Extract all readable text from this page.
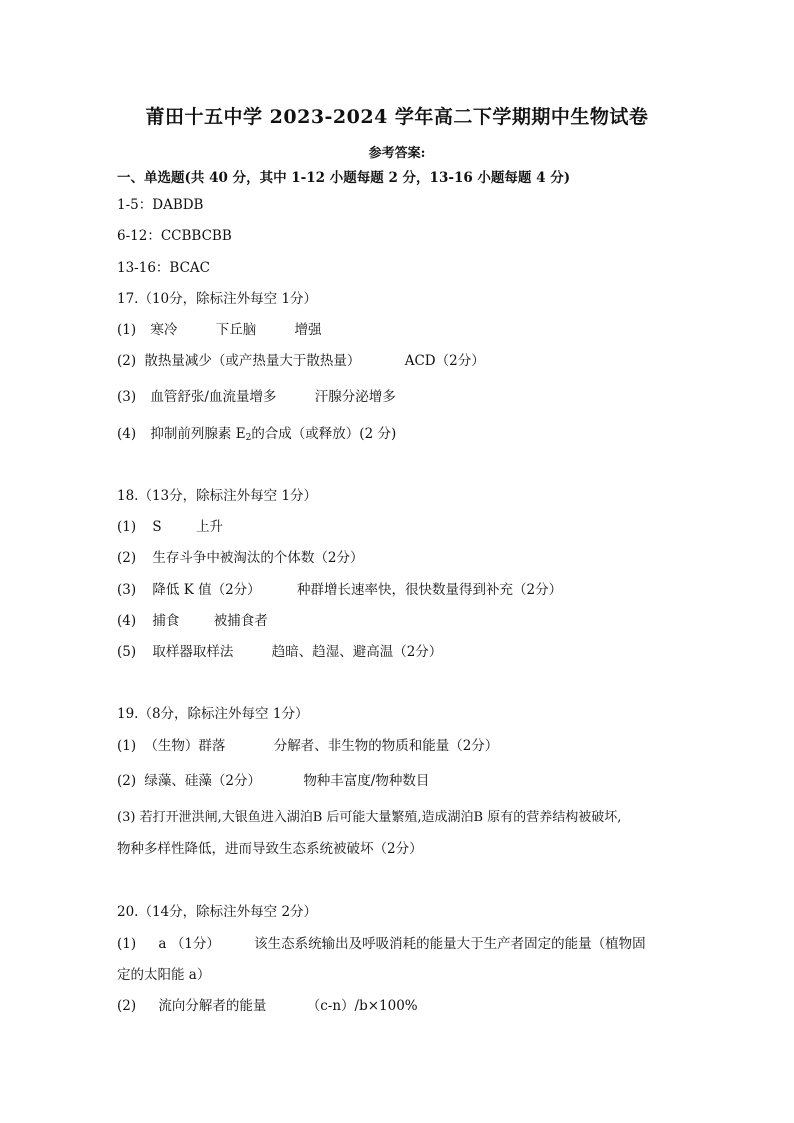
莆田十五中学 2023-2024 学年高二下学期期中生物试卷
参考答案:
一、单选题(共 40 分，其中 1-12 小题每题 2 分，13-16 小题每题 4 分)
1-5：DABDB
6-12：CCBBCBB
13-16：BCAC
17.（10分，除标注外每空 1分）
(1) 寒冷	下丘脑	增强
(2) 散热量减少（或产热量大于散热量）	ACD（2分）
(3) 血管舒张/血流量增多	汗腺分泌增多
(4) 抑制前列腺素 $E_2$的合成（或释放）(2 分)
18.（13分，除标注外每空 1分）
(1) S	上升
(2) 生存斗争中被淘汰的个体数（2分）
(3) 降低 K 值（2分）	种群增长速率快，很快数量得到补充（2分）
(4) 捕食	被捕食者
(5) 取样器取样法	趋暗、趋湿、避高温（2分）
19.（8分，除标注外每空 1分）
(1) （生物）群落	分解者、非生物的物质和能量（2分）
(2) 绿藻、硅藻（2分）	物种丰富度/物种数目
(3) 若打开泄洪闸,大银鱼进入湖泊B 后可能大量繁殖,造成湖泊B 原有的营养结构被破坏,
物种多样性降低，进而导致生态系统被破坏（2分）
20.（14分，除标注外每空 2分）
(1) a （1分）	该生态系统输出及呼吸消耗的能量大于生产者固定的能量（植物固
定的太阳能 a）
(2) 流向分解者的能量	（c-n）/b×100%
